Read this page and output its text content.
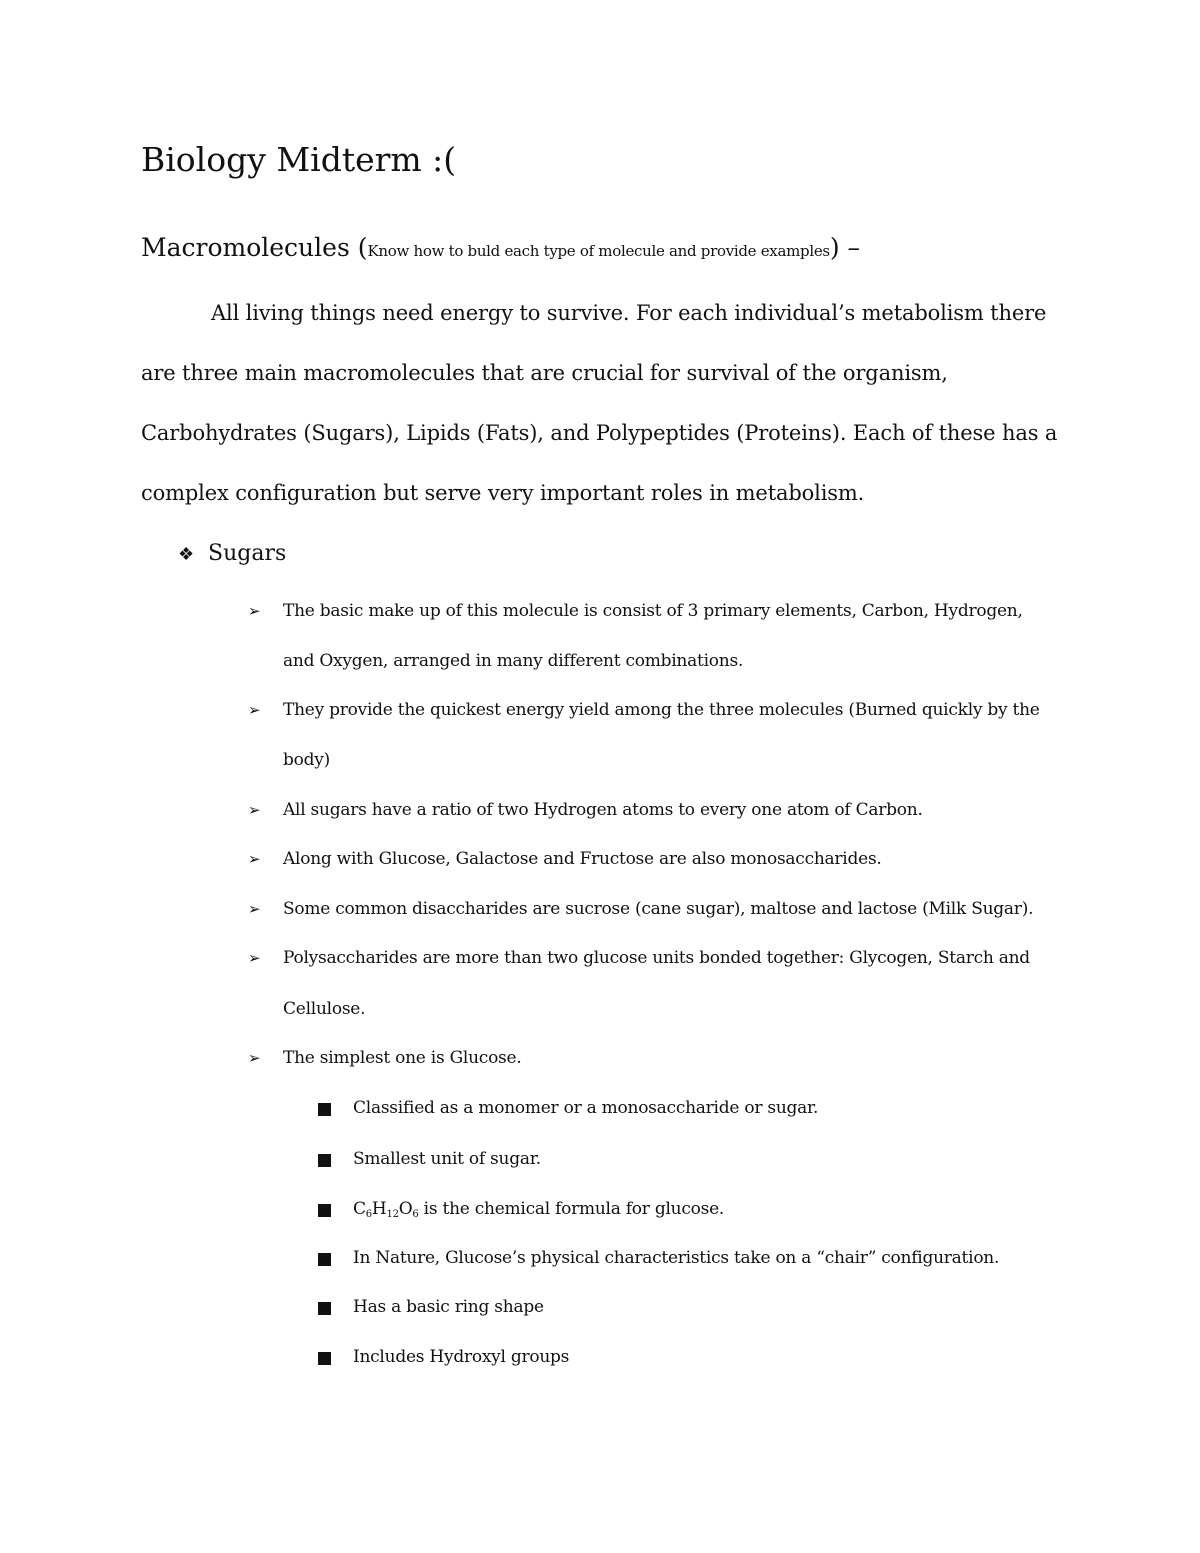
Biology Midterm :(
Macromolecules (Know how to buld each type of molecule and provide examples) –
All living things need energy to survive. For each individual’s metabolism there
are three main macromolecules that are crucial for survival of the organism,
Carbohydrates (Sugars), Lipids (Fats), and Polypeptides (Proteins). Each of these has a
complex configuration but serve very important roles in metabolism.
❖ Sugars
➢ The basic make up of this molecule is consist of 3 primary elements, Carbon, Hydrogen,
and Oxygen, arranged in many different combinations.
➢ They provide the quickest energy yield among the three molecules (Burned quickly by the
body)
➢ All sugars have a ratio of two Hydrogen atoms to every one atom of Carbon.
➢ Along with Glucose, Galactose and Fructose are also monosaccharides.
➢ Some common disaccharides are sucrose (cane sugar), maltose and lactose (Milk Sugar).
➢ Polysaccharides are more than two glucose units bonded together: Glycogen, Starch and
Cellulose.
➢ The simplest one is Glucose.
Classified as a monomer or a monosaccharide or sugar.
Smallest unit of sugar.
$C_6H_{12}O_6$ is the chemical formula for glucose.
In Nature, Glucose’s physical characteristics take on a “chair” configuration.
Has a basic ring shape
Includes Hydroxyl groups
